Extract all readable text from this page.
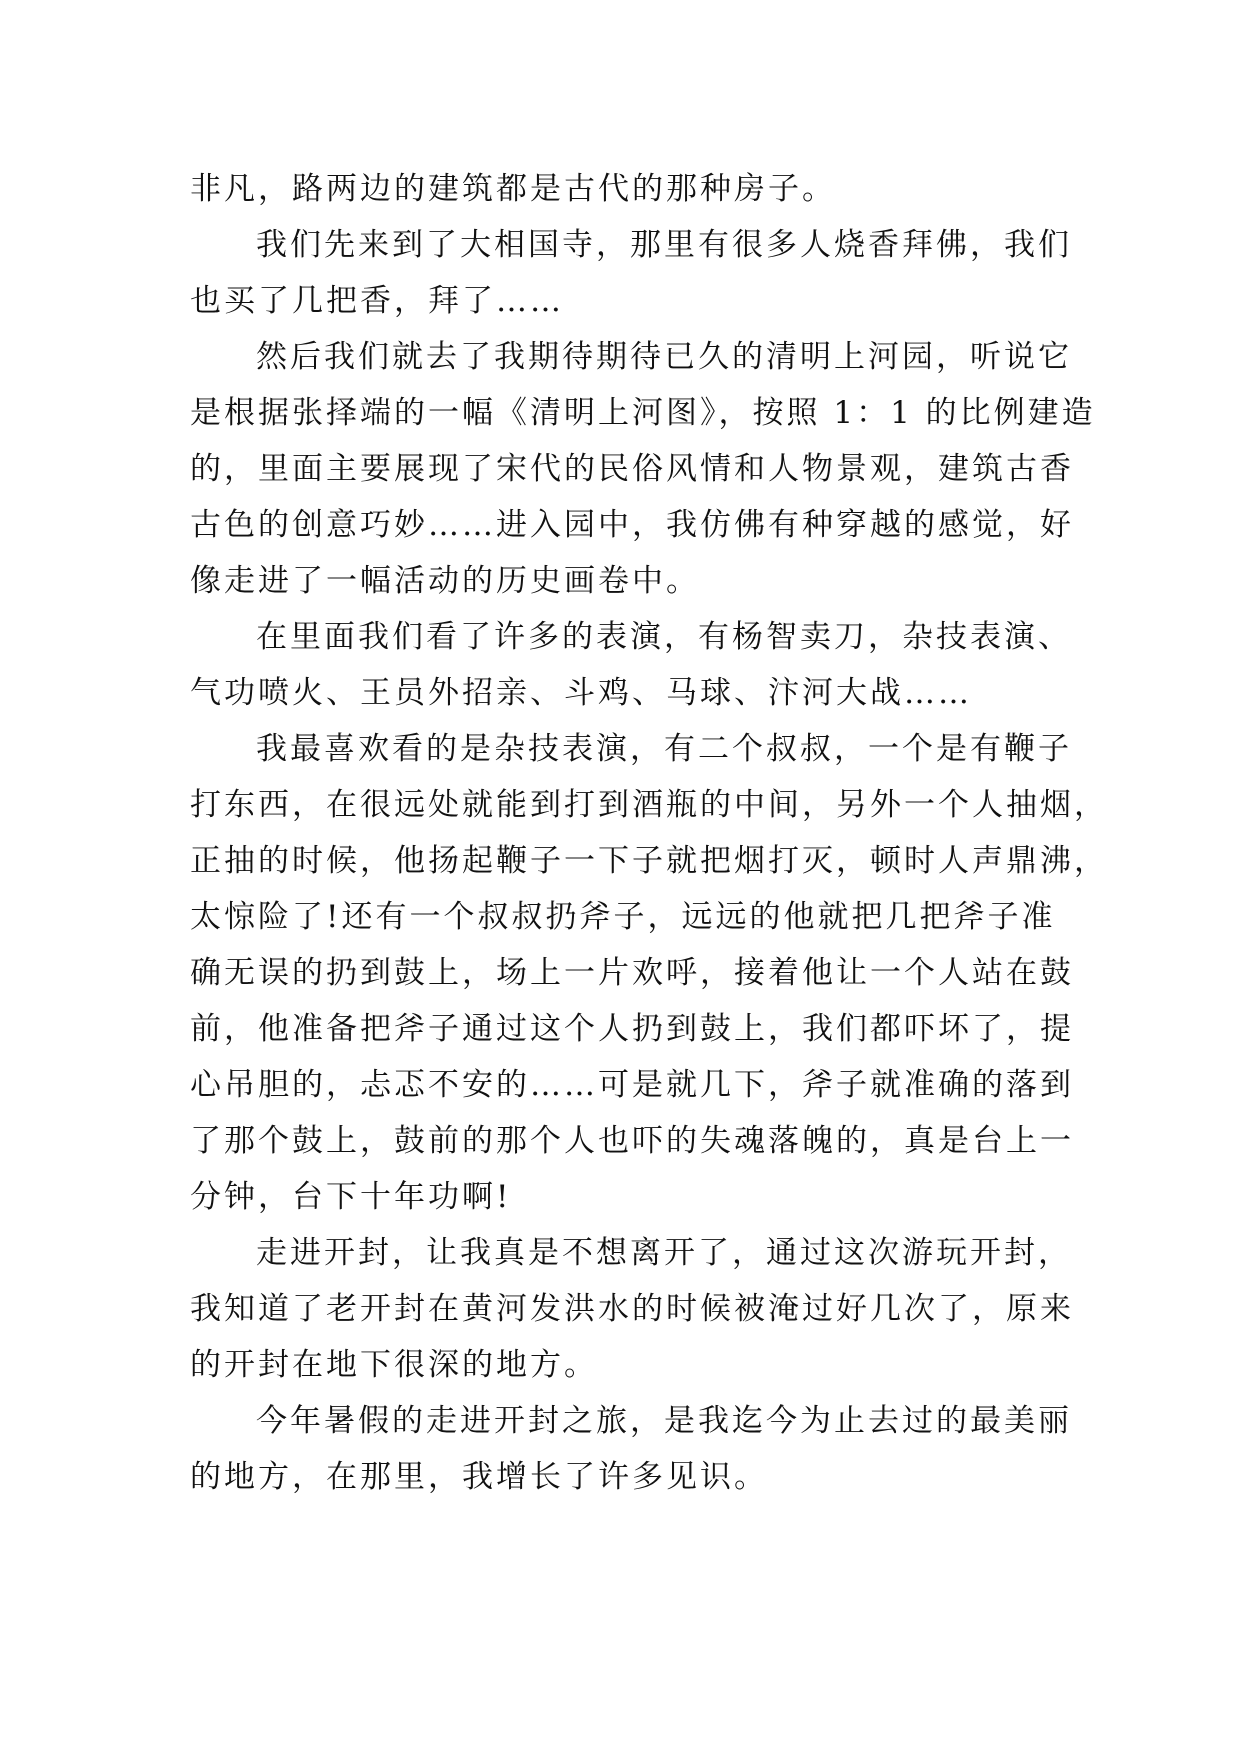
非凡，路两边的建筑都是古代的那种房子。
我们先来到了大相国寺，那里有很多人烧香拜佛，我们
也买了几把香，拜了……
然后我们就去了我期待期待已久的清明上河园，听说它
是根据张择端的一幅《清明上河图》，按照 1：1 的比例建造
的，里面主要展现了宋代的民俗风情和人物景观，建筑古香
古色的创意巧妙……进入园中，我仿佛有种穿越的感觉，好
像走进了一幅活动的历史画卷中。
在里面我们看了许多的表演，有杨智卖刀，杂技表演、
气功喷火、王员外招亲、斗鸡、马球、汴河大战……
我最喜欢看的是杂技表演，有二个叔叔，一个是有鞭子
打东西，在很远处就能到打到酒瓶的中间，另外一个人抽烟，
正抽的时候，他扬起鞭子一下子就把烟打灭，顿时人声鼎沸，
太惊险了!还有一个叔叔扔斧子，远远的他就把几把斧子准
确无误的扔到鼓上，场上一片欢呼，接着他让一个人站在鼓
前，他准备把斧子通过这个人扔到鼓上，我们都吓坏了，提
心吊胆的，忐忑不安的……可是就几下，斧子就准确的落到
了那个鼓上，鼓前的那个人也吓的失魂落魄的，真是台上一
分钟，台下十年功啊!
走进开封，让我真是不想离开了，通过这次游玩开封，
我知道了老开封在黄河发洪水的时候被淹过好几次了，原来
的开封在地下很深的地方。
今年暑假的走进开封之旅，是我迄今为止去过的最美丽
的地方，在那里，我增长了许多见识。
